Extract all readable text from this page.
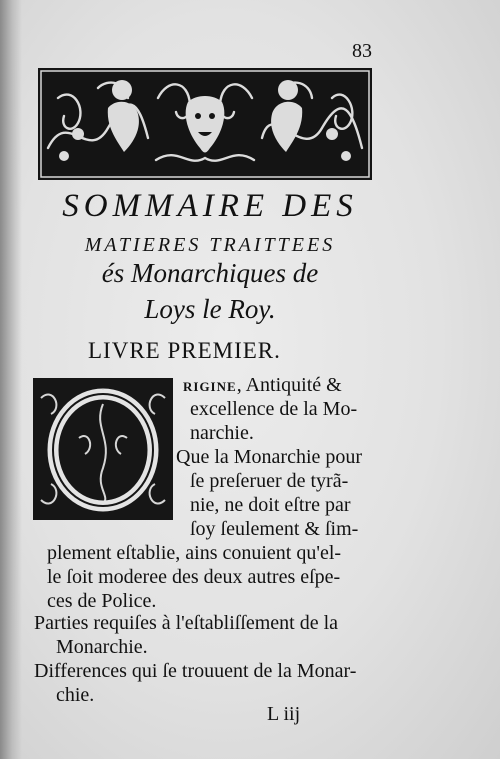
83
SOMMAIRE DES
MATIERES TRAITTEES
és Monarchiques de
Loys le Roy.
LIVRE PREMIER.
O	RIGINE, Antiquité &
excellence de la Mo-
narchie.
Que la Monarchie pour
ſe preſeruer de tyrã-
nie, ne doit eſtre par
ſoy ſeulement & ſim-
plement eſtablie, ains conuient qu'el-
le ſoit moderee des deux autres eſpe-
ces de Police.
Parties requiſes à l'eſtabliſſement de la
Monarchie.
Differences qui ſe trouuent de la Monar-
chie.
L iij
